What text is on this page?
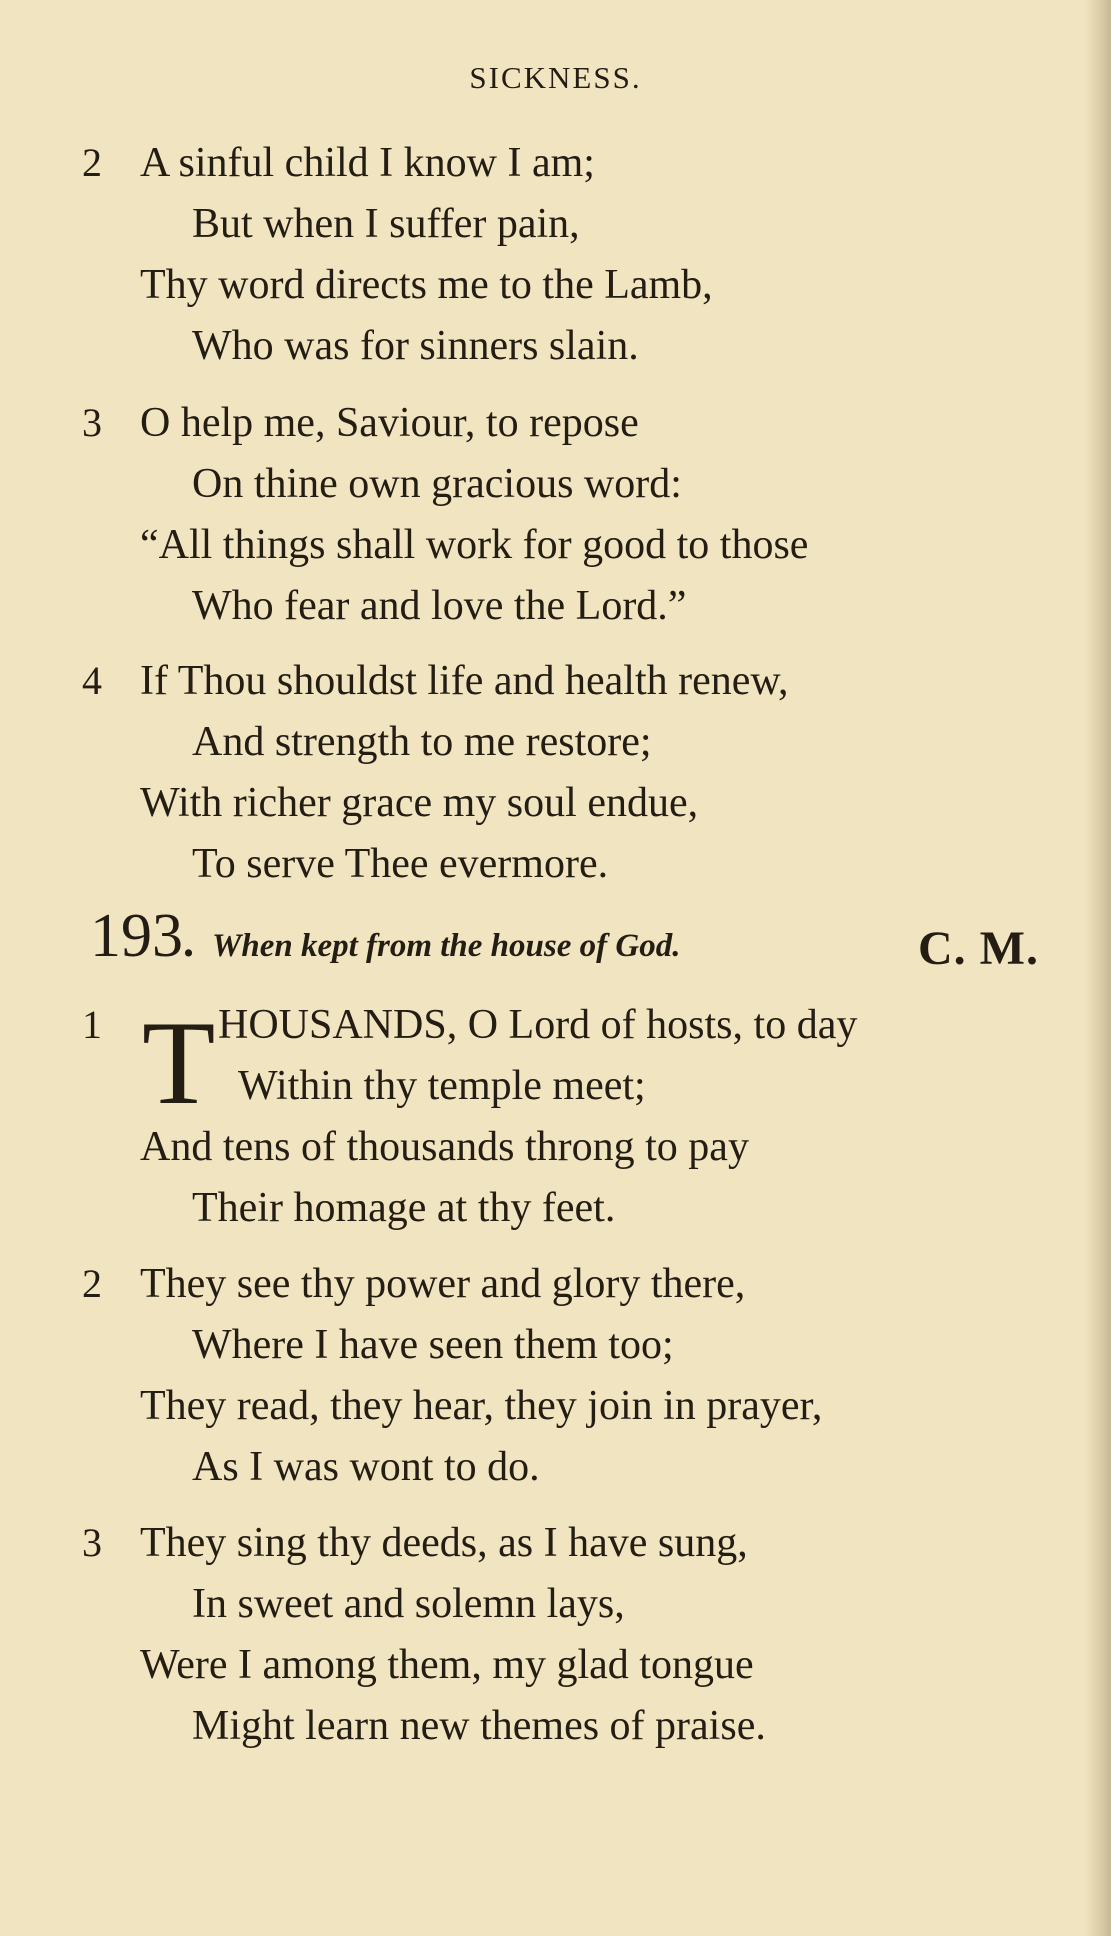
SICKNESS.
2 A sinful child I know I am;
But when I suffer pain,
Thy word directs me to the Lamb,
Who was for sinners slain.
3 O help me, Saviour, to repose
On thine own gracious word:
“All things shall work for good to those
Who fear and love the Lord.”
4 If Thou shouldst life and health renew,
And strength to me restore;
With richer grace my soul endue,
To serve Thee evermore.
193. When kept from the house of God.	C. M.
1 T HOUSANDS, O Lord of hosts, to day
Within thy temple meet;
And tens of thousands throng to pay
Their homage at thy feet.
2 They see thy power and glory there,
Where I have seen them too;
They read, they hear, they join in prayer,
As I was wont to do.
3 They sing thy deeds, as I have sung,
In sweet and solemn lays,
Were I among them, my glad tongue
Might learn new themes of praise.
